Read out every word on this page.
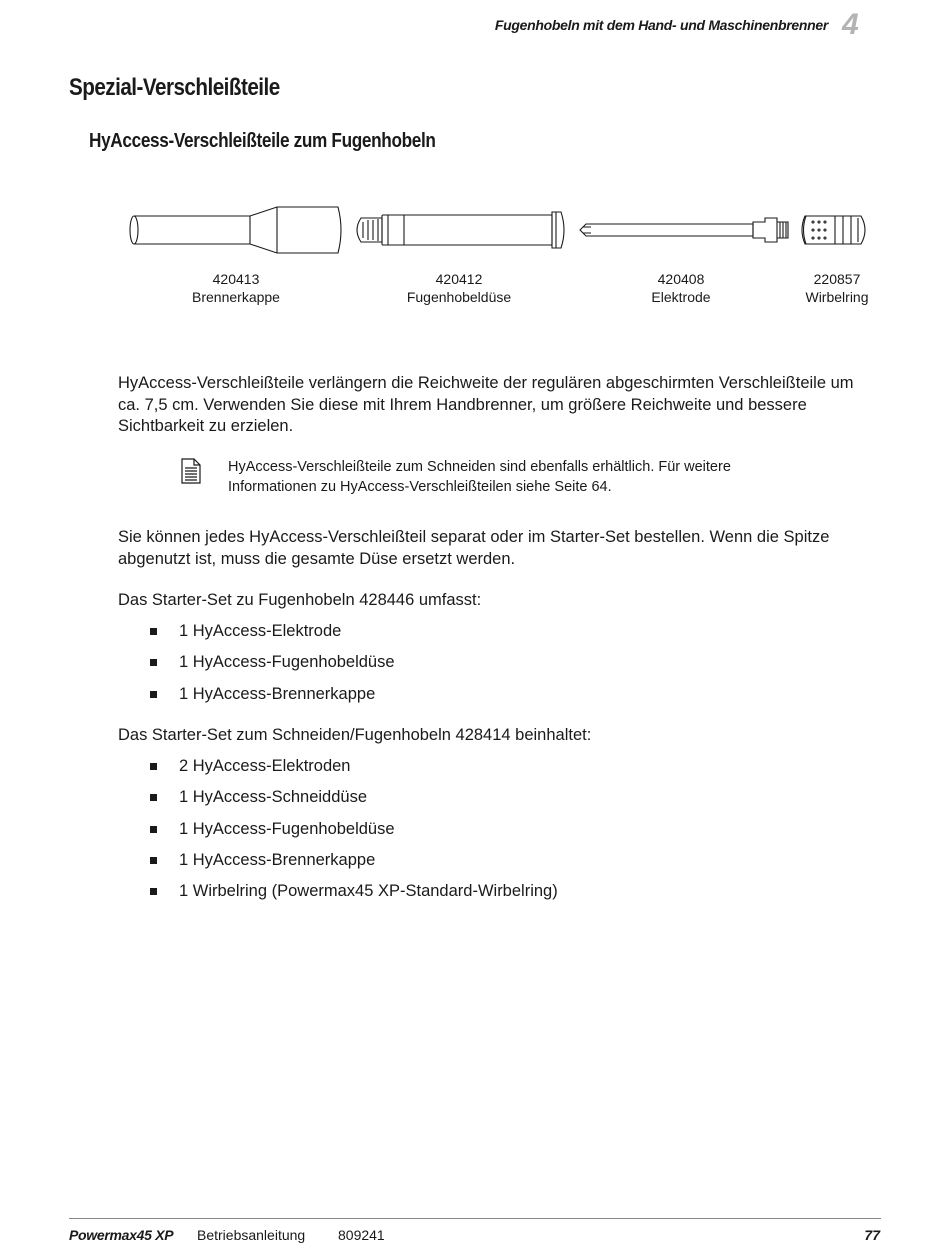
Fugenhobeln mit dem Hand- und Maschinenbrenner 4
Spezial-Verschleißteile
HyAccess-Verschleißteile zum Fugenhobeln
420413
Brennerkappe
420412
Fugenhobeldüse
420408
Elektrode
220857
Wirbelring

HyAccess-Verschleißteile verlängern die Reichweite der regulären abgeschirmten Verschleißteile um ca. 7,5 cm. Verwenden Sie diese mit Ihrem Handbrenner, um größere Reichweite und bessere Sichtbarkeit zu erzielen.

HyAccess-Verschleißteile zum Schneiden sind ebenfalls erhältlich. Für weitere Informationen zu HyAccess-Verschleißteilen siehe Seite 64.

Sie können jedes HyAccess-Verschleißteil separat oder im Starter-Set bestellen. Wenn die Spitze abgenutzt ist, muss die gesamte Düse ersetzt werden.

Das Starter-Set zu Fugenhobeln 428446 umfasst:

1 HyAccess-Elektrode
1 HyAccess-Fugenhobeldüse
1 HyAccess-Brennerkappe

Das Starter-Set zum Schneiden/Fugenhobeln 428414 beinhaltet:

2 HyAccess-Elektroden
1 HyAccess-Schneiddüse
1 HyAccess-Fugenhobeldüse
1 HyAccess-Brennerkappe
1 Wirbelring (Powermax45 XP-Standard-Wirbelring)
Powermax45 XP Betriebsanleitung 809241	77
